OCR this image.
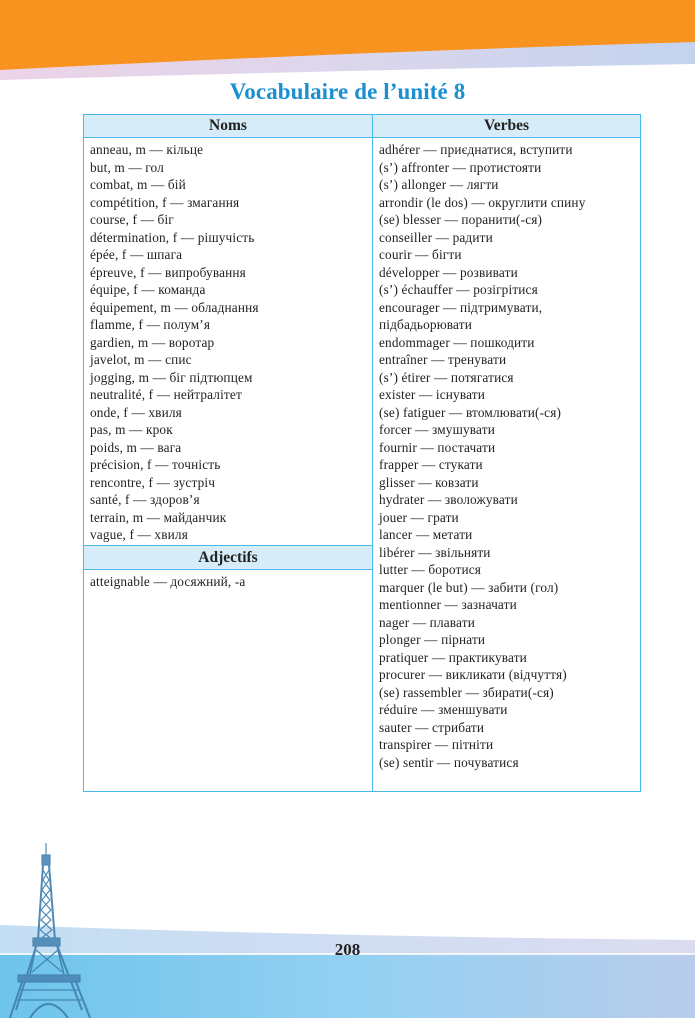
Vocabulaire de l’unité 8
Noms
anneau, m — кільце
but, m — гол
combat, m — бій
compétition, f — змагання
course, f — біг
détermination, f — рішучість
épée, f — шпага
épreuve, f — випробування
équipe, f — команда
équipement, m — обладнання
flamme, f — полум’я
gardien, m — воротар
javelot, m — спис
jogging, m — біг підтюпцем
neutralité, f — нейтралітет
onde, f — хвиля
pas, m — крок
poids, m — вага
précision, f — точність
rencontre, f — зустріч
santé, f — здоров’я
terrain, m — майданчик
vague, f — хвиля
Adjectifs
atteignable — досяжний, -а
Verbes
adhérer — приєднатися, вступити
(s’) affronter — протистояти
(s’) allonger — лягти
arrondir (le dos) — округлити спину
(se) blesser — поранити(-ся)
conseiller — радити
courir — бігти
développer — розвивати
(s’) échauffer — розігрітися
encourager — підтримувати, підбадьорювати
endommager — пошкодити
entraîner — тренувати
(s’) étirer — потягатися
exister — існувати
(se) fatiguer — втомлювати(-ся)
forcer — змушувати
fournir — постачати
frapper — стукати
glisser — ковзати
hydrater — зволожувати
jouer — грати
lancer — метати
libérer — звільняти
lutter — боротися
marquer (le but) — забити (гол)
mentionner — зазначати
nager — плавати
plonger — пірнати
pratiquer — практикувати
procurer — викликати (відчуття)
(se) rassembler — збирати(-ся)
réduire — зменшувати
sauter — стрибати
transpirer — пітніти
(se) sentir — почуватися
208
